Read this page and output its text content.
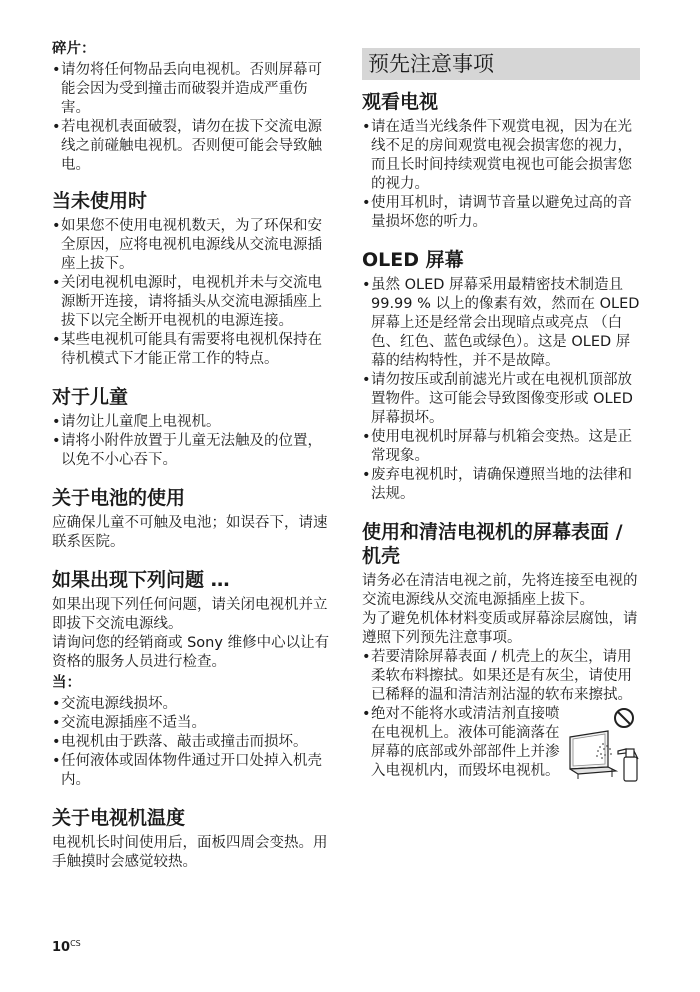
碎片：
• 请勿将任何物品丢向电视机。否则屏幕可能会因为受到撞击而破裂并造成严重伤害。
• 若电视机表面破裂，请勿在拔下交流电源线之前碰触电视机。否则便可能会导致触电。
当未使用时
• 如果您不使用电视机数天，为了环保和安全原因，应将电视机电源线从交流电源插座上拔下。
• 关闭电视机电源时，电视机并未与交流电源断开连接，请将插头从交流电源插座上拔下以完全断开电视机的电源连接。
• 某些电视机可能具有需要将电视机保持在待机模式下才能正常工作的特点。
对于儿童
• 请勿让儿童爬上电视机。
• 请将小附件放置于儿童无法触及的位置，以免不小心吞下。
关于电池的使用

应确保儿童不可触及电池；如误吞下，请速联系医院。

如果出现下列问题 …

如果出现下列任何问题，请关闭电视机并立即拔下交流电源线。

请询问您的经销商或 Sony 维修中心以让有资格的服务人员进行检查。

当：
• 交流电源线损坏。
• 交流电源插座不适当。
• 电视机由于跌落、敲击或撞击而损坏。
• 任何液体或固体物件通过开口处掉入机壳内。
关于电视机温度

电视机长时间使用后，面板四周会变热。用手触摸时会感觉较热。

预先注意事项
观看电视
• 请在适当光线条件下观赏电视，因为在光线不足的房间观赏电视会损害您的视力，而且长时间持续观赏电视也可能会损害您的视力。
• 使用耳机时，请调节音量以避免过高的音量损坏您的听力。
OLED 屏幕
• 虽然 OLED 屏幕采用最精密技术制造且 99.99 % 以上的像素有效，然而在 OLED 屏幕上还是经常会出现暗点或亮点 （白色、红色、蓝色或绿色）。这是 OLED 屏幕的结构特性，并不是故障。
• 请勿按压或刮前滤光片或在电视机顶部放置物件。这可能会导致图像变形或 OLED 屏幕损坏。
• 使用电视机时屏幕与机箱会变热。这是正常现象。
• 废弃电视机时，请确保遵照当地的法律和法规。
使用和清洁电视机的屏幕表面 / 机壳

请务必在清洁电视之前，先将连接至电视的交流电源线从交流电源插座上拔下。

为了避免机体材料变质或屏幕涂层腐蚀，请遵照下列预先注意事项。

• 若要清除屏幕表面 / 机壳上的灰尘，请用柔软布料擦拭。如果还是有灰尘，请使用已稀释的温和清洁剂沾湿的软布来擦拭。
• 绝对不能将水或清洁剂直接喷在电视机上。液体可能滴落在屏幕的底部或外部部件上并渗入电视机内，而毁坏电视机。
$10^{CS}$
